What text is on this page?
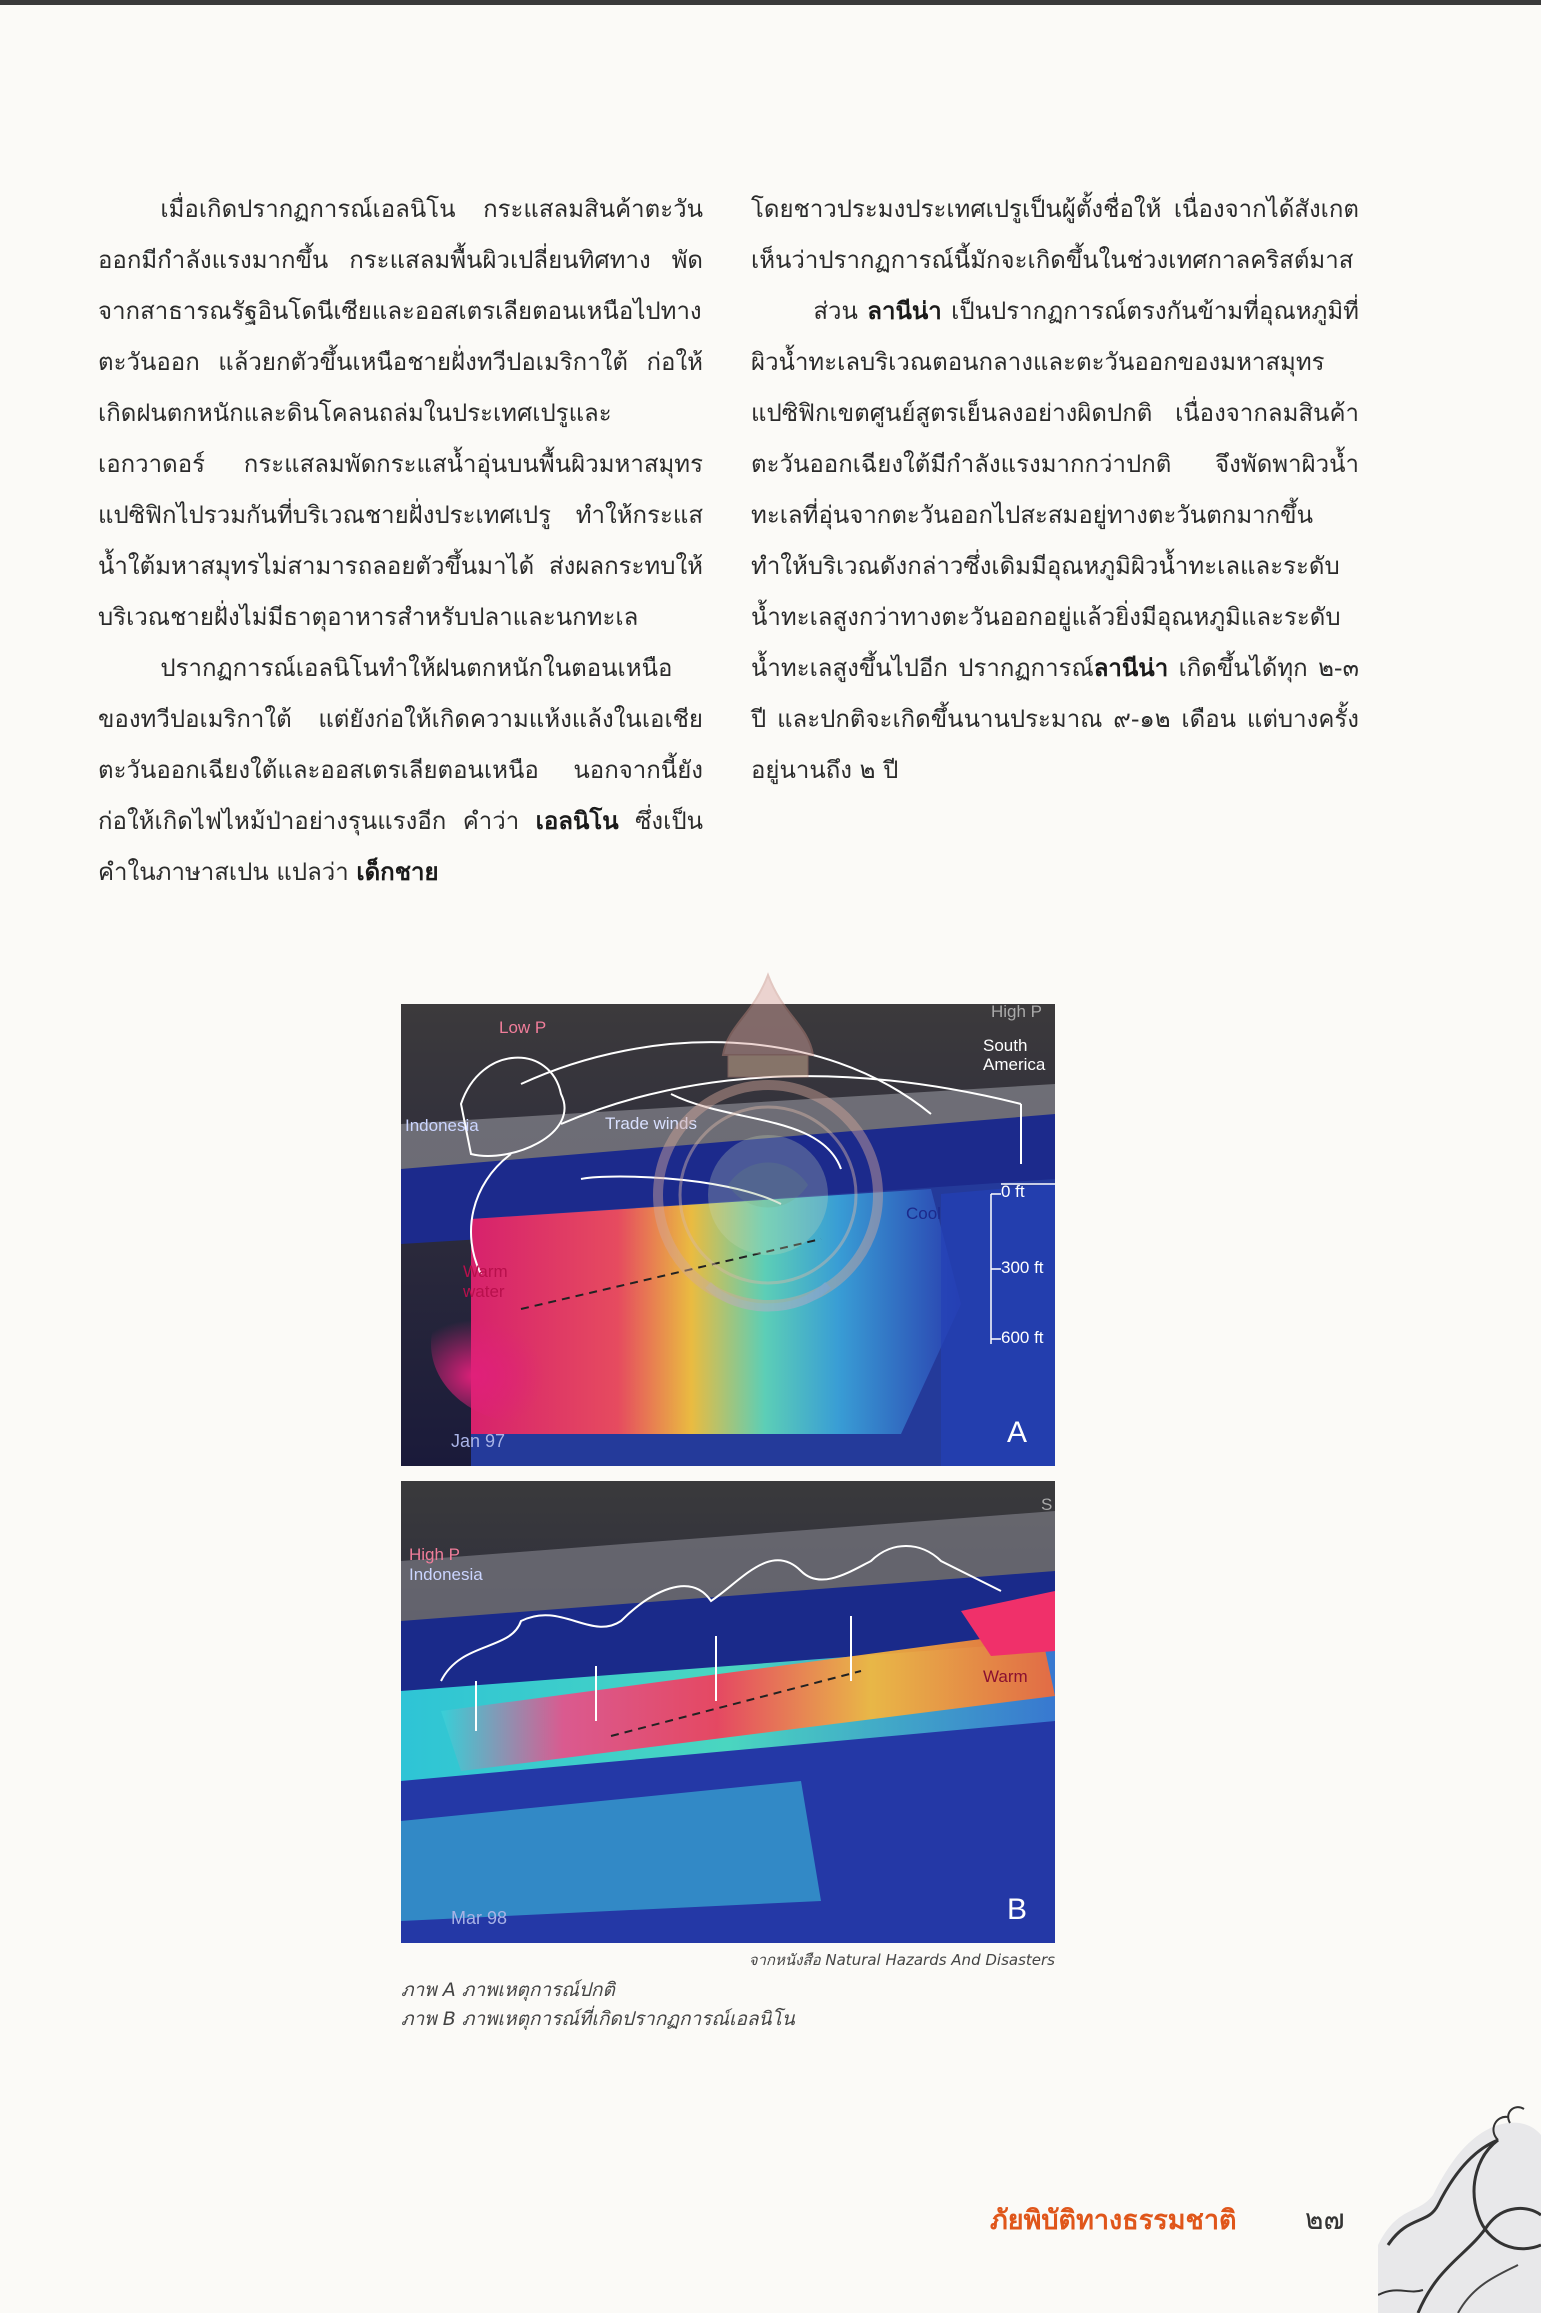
เมื่อเกิดปรากฏการณ์เอลนิโน กระแสลมสินค้าตะวันออกมีกำลังแรงมากขึ้น กระแสลมพื้นผิวเปลี่ยนทิศทาง พัดจากสาธารณรัฐอินโดนีเซียและออสเตรเลียตอนเหนือไปทางตะวันออก แล้วยกตัวขึ้นเหนือชายฝั่งทวีปอเมริกาใต้ ก่อให้เกิดฝนตกหนักและดินโคลนถล่มในประเทศเปรูและเอกวาดอร์ กระแสลมพัดกระแสน้ำอุ่นบนพื้นผิวมหาสมุทรแปซิฟิกไปรวมกันที่บริเวณชายฝั่งประเทศเปรู ทำให้กระแสน้ำใต้มหาสมุทรไม่สามารถลอยตัวขึ้นมาได้ ส่งผลกระทบให้บริเวณชายฝั่งไม่มีธาตุอาหารสำหรับปลาและนกทะเล

ปรากฏการณ์เอลนิโนทำให้ฝนตกหนักในตอนเหนือของทวีปอเมริกาใต้ แต่ยังก่อให้เกิดความแห้งแล้งในเอเชียตะวันออกเฉียงใต้และออสเตรเลียตอนเหนือ นอกจากนี้ยังก่อให้เกิดไฟไหม้ป่าอย่างรุนแรงอีก คำว่า เอลนิโน ซึ่งเป็นคำในภาษาสเปน แปลว่า เด็กชาย

โดยชาวประมงประเทศเปรูเป็นผู้ตั้งชื่อให้ เนื่องจากได้สังเกตเห็นว่าปรากฏการณ์นี้มักจะเกิดขึ้นในช่วงเทศกาลคริสต์มาส

ส่วน ลานีน่า เป็นปรากฏการณ์ตรงกันข้ามที่อุณหภูมิที่ผิวน้ำทะเลบริเวณตอนกลางและตะวันออกของมหาสมุทรแปซิฟิกเขตศูนย์สูตรเย็นลงอย่างผิดปกติ เนื่องจากลมสินค้าตะวันออกเฉียงใต้มีกำลังแรงมากกว่าปกติ จึงพัดพาผิวน้ำทะเลที่อุ่นจากตะวันออกไปสะสมอยู่ทางตะวันตกมากขึ้น ทำให้บริเวณดังกล่าวซึ่งเดิมมีอุณหภูมิผิวน้ำทะเลและระดับน้ำทะเลสูงกว่าทางตะวันออกอยู่แล้วยิ่งมีอุณหภูมิและระดับน้ำทะเลสูงขึ้นไปอีก ปรากฏการณ์ลานีน่า เกิดขึ้นได้ทุก ๒-๓ ปี และปกติจะเกิดขึ้นนานประมาณ ๙-๑๒ เดือน แต่บางครั้งอยู่นานถึง ๒ ปี

Low P
High P
South America
Indonesia	Trade winds
Cool
Warm water
0 ft
300 ft
600 ft
Jan 97	A
High P
Indonesia
Warm
S
Mar 98	B
จากหนังสือ Natural Hazards And Disasters
ภาพ A ภาพเหตุการณ์ปกติ
ภาพ B ภาพเหตุการณ์ที่เกิดปรากฏการณ์เอลนิโน
ภัยพิบัติทางธรรมชาติ ๒๗
